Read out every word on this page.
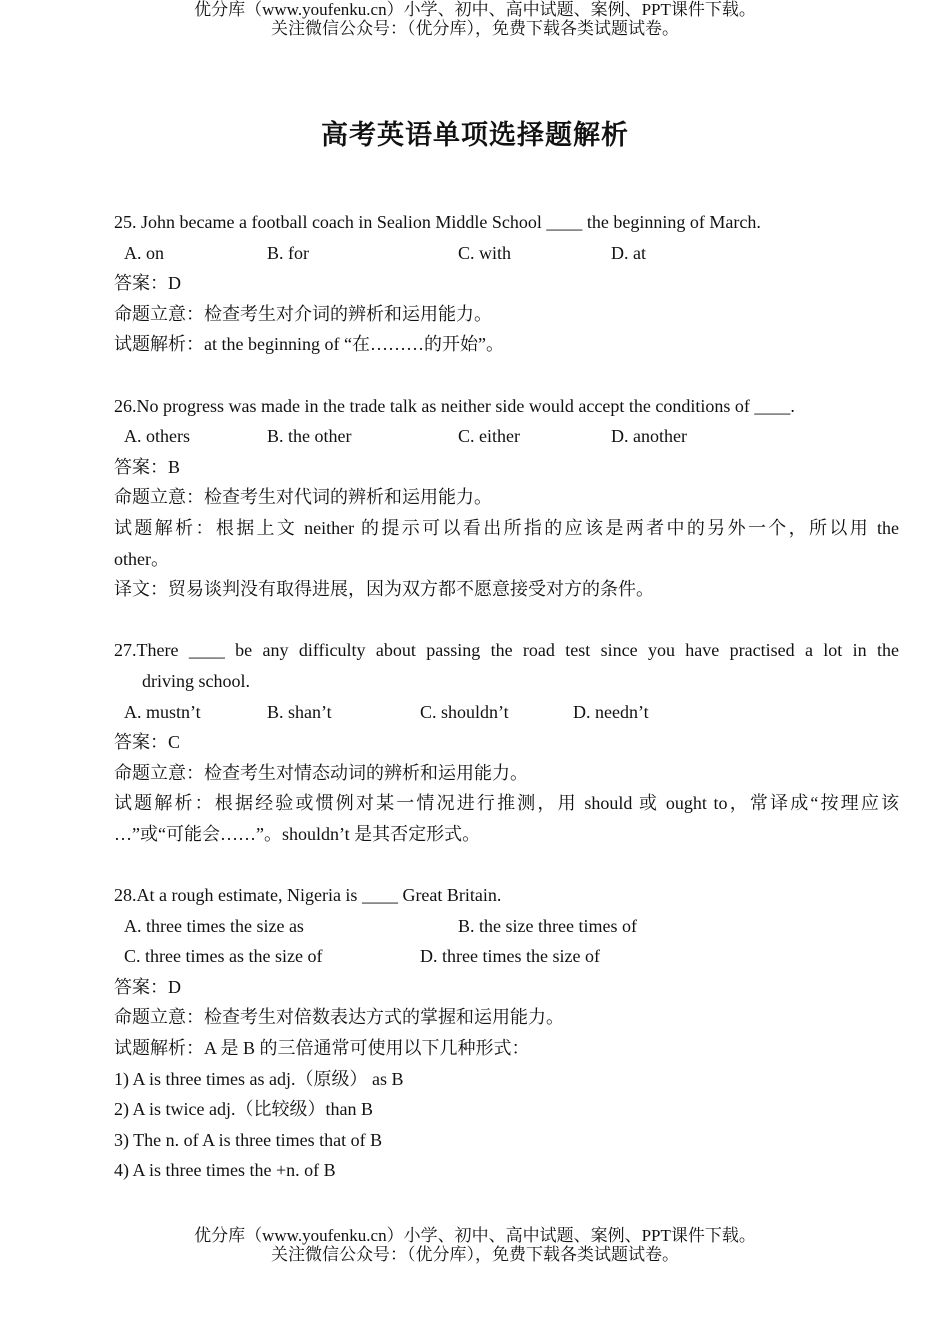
优分库（www.youfenku.cn）小学、初中、高中试题、案例、PPT课件下载。
关注微信公众号：（优分库），免费下载各类试题试卷。
高考英语单项选择题解析
25. John became a football coach in Sealion Middle School ____ the beginning of March.
A. on	B. for	C. with	D. at
答案：D
命题立意：检查考生对介词的辨析和运用能力。
试题解析：at the beginning of “在………的开始”。
26.No progress was made in the trade talk as neither side would accept the conditions of ____.
A. others	B. the other	C. either	D. another
答案：B
命题立意：检查考生对代词的辨析和运用能力。
试题解析：根据上文 neither 的提示可以看出所指的应该是两者中的另外一个，所以用 the
other。
译文：贸易谈判没有取得进展，因为双方都不愿意接受对方的条件。
27.There ____ be any difficulty about passing the road test since you have practised a lot in the
driving school.
A. mustn’t	B. shan’t	C. shouldn’t	D. needn’t
答案：C
命题立意：检查考生对情态动词的辨析和运用能力。
试题解析：根据经验或惯例对某一情况进行推测，用 should 或 ought to，常译成“按理应该
…”或“可能会……”。shouldn’t 是其否定形式。
28.At a rough estimate, Nigeria is ____ Great Britain.
A. three times the size as	B. the size three times of
C. three times as the size of	D. three times the size of
答案：D
命题立意：检查考生对倍数表达方式的掌握和运用能力。
试题解析：A 是 B 的三倍通常可使用以下几种形式：
1) A is three times as adj.（原级） as B
2) A is twice adj.（比较级）than B
3) The n. of A is three times that of B
4) A is three times the +n. of B
优分库（www.youfenku.cn）小学、初中、高中试题、案例、PPT课件下载。
关注微信公众号：（优分库），免费下载各类试题试卷。
